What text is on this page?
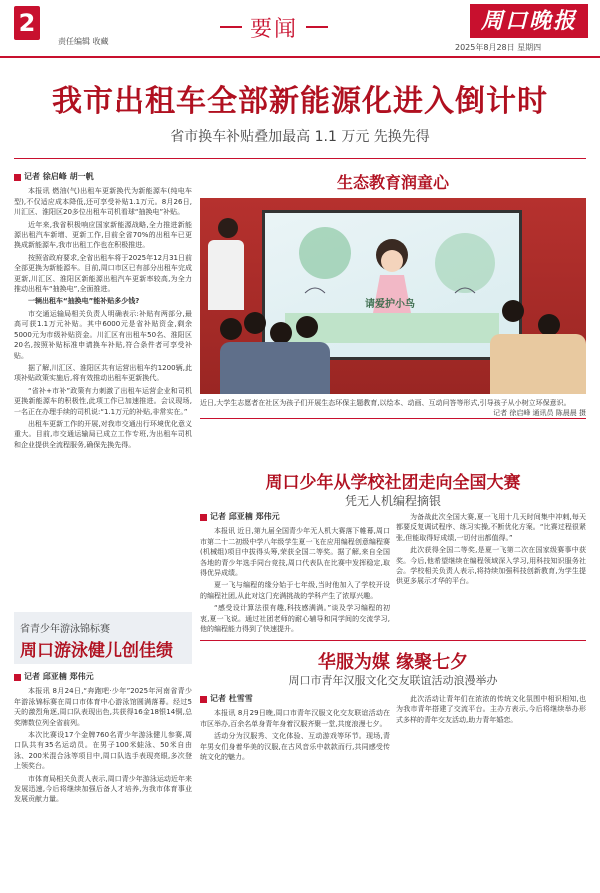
2
责任编辑 收藏	要闻	周口晚报
2025年8月28日 星期四
我市出租车全部新能源化进入倒计时
省市换车补贴叠加最高 1.1 万元 先换先得
记者 徐启峰 胡一帆

本报讯 燃油(气)出租车更新换代为新能源车(纯电车型),不仅适应成本降低,还可享受补贴1.1万元。8月26日,川汇区、淮阳区20多位出租车司机看球“抽换电”补贴。

近年来,我省积极响应国家新能源战略,全力推进新能源出租汽车新增、更新工作,目前全省70%的出租车已更换成新能源车,我市出租工作也在积极推进。

按照省政府要求,全省出租车将于2025年12月31日前全部更换为新能源车。目前,周口市区已有部分出租车完成更新,川汇区、淮阳区新能源出租汽车更新率较高,为全力推动出租车“抽换电”,全面推进。

一辆出租车“抽换电”能补贴多少钱?

市交通运输局相关负责人明确表示:补贴有两部分,最高可获1.1万元补贴。其中6000元是省补贴资金,剩余5000元为市级补贴资金。川汇区有出租车50名、淮阳区20名,按照补贴标准申请换车补贴,符合条件者可享受补贴。

据了解,川汇区、淮阳区共有运营出租车约1200辆,此项补贴政策实施后,将有效推动出租车更新换代。

“省补+市补”政策有力刺激了出租车运营企业和司机更换新能源车的积极性,此项工作已加速推进。会议现场,一名正在办理手续的司机说:“1.1万元的补贴,非常实在。”

出租车更新工作的开展,对我市交通出行环境优化意义重大。目前,市交通运输局已成立工作专班,为出租车司机和企业提供全流程服务,确保先换先得。

生态教育润童心
请爱护小鸟
近日,大学生志愿者在社区为孩子们开展生态环保主题教育,以绘本、动画、互动问答等形式,引导孩子从小树立环保意识。
记者 徐启峰 通讯员 陈晨晨 摄
周口少年从学校社团走向全国大赛
凭无人机编程摘银
记者 邱亚楠 郑伟元

本报讯 近日,第九届全国青少年无人机大赛落下帷幕,周口市第二十二初级中学八年级学生夏一飞在应用编程创意编程赛(机械组)项目中拔得头筹,荣获全国二等奖。据了解,来自全国各地的青少年选手同台竞技,周口代表队在比赛中发挥稳定,取得优异成绩。

夏一飞与编程的缘分始于七年级,当时他加入了学校开设的编程社团,从此对这门充满挑战的学科产生了浓厚兴趣。

“感受设计算法很有趣,科技感满满。”谈及学习编程的初衷,夏一飞说。通过社团老师的耐心辅导和同学间的交流学习,他的编程能力得到了快速提升。

为备战此次全国大赛,夏一飞用十几天时间集中冲刺,每天都要反复调试程序、练习实操,不断优化方案。“比赛过程很紧张,但能取得好成绩,一切付出都值得。”

此次获得全国二等奖,是夏一飞第二次在国家级赛事中获奖。今后,他希望继续在编程领域深入学习,用科技知识服务社会。学校相关负责人表示,将持续加强科技创新教育,为学生提供更多展示才华的平台。

省青少年游泳锦标赛
周口游泳健儿创佳绩
记者 邱亚楠 郑伟元

本报讯 8月24日,“奔跑吧·少年”2025年河南省青少年游泳锦标赛在周口市体育中心游泳馆圆满落幕。经过5天的激烈角逐,周口队表现出色,共获得16金18银14铜,总奖牌数位列全省前列。

本次比赛设17个金牌760名青少年游泳健儿参赛,周口队共有35名运动员。在男子100米蛙泳、50米自由泳、200米混合泳等项目中,周口队选手表现亮眼,多次登上领奖台。

市体育局相关负责人表示,周口青少年游泳运动近年来发展迅速,今后将继续加强后备人才培养,为我市体育事业发展贡献力量。

华服为媒 缘聚七夕
周口市青年汉服文化交友联谊活动浪漫举办
记者 杜雪雪

本报讯 8月29日晚,周口市青年汉服文化交友联谊活动在市区举办,百余名单身青年身着汉服齐聚一堂,共度浪漫七夕。

活动分为汉服秀、文化体验、互动游戏等环节。现场,青年男女们身着华美的汉服,在古风音乐中款款而行,共同感受传统文化的魅力。

此次活动让青年们在浓浓的传统文化氛围中相识相知,也为我市青年搭建了交流平台。主办方表示,今后将继续举办形式多样的青年交友活动,助力青年婚恋。
